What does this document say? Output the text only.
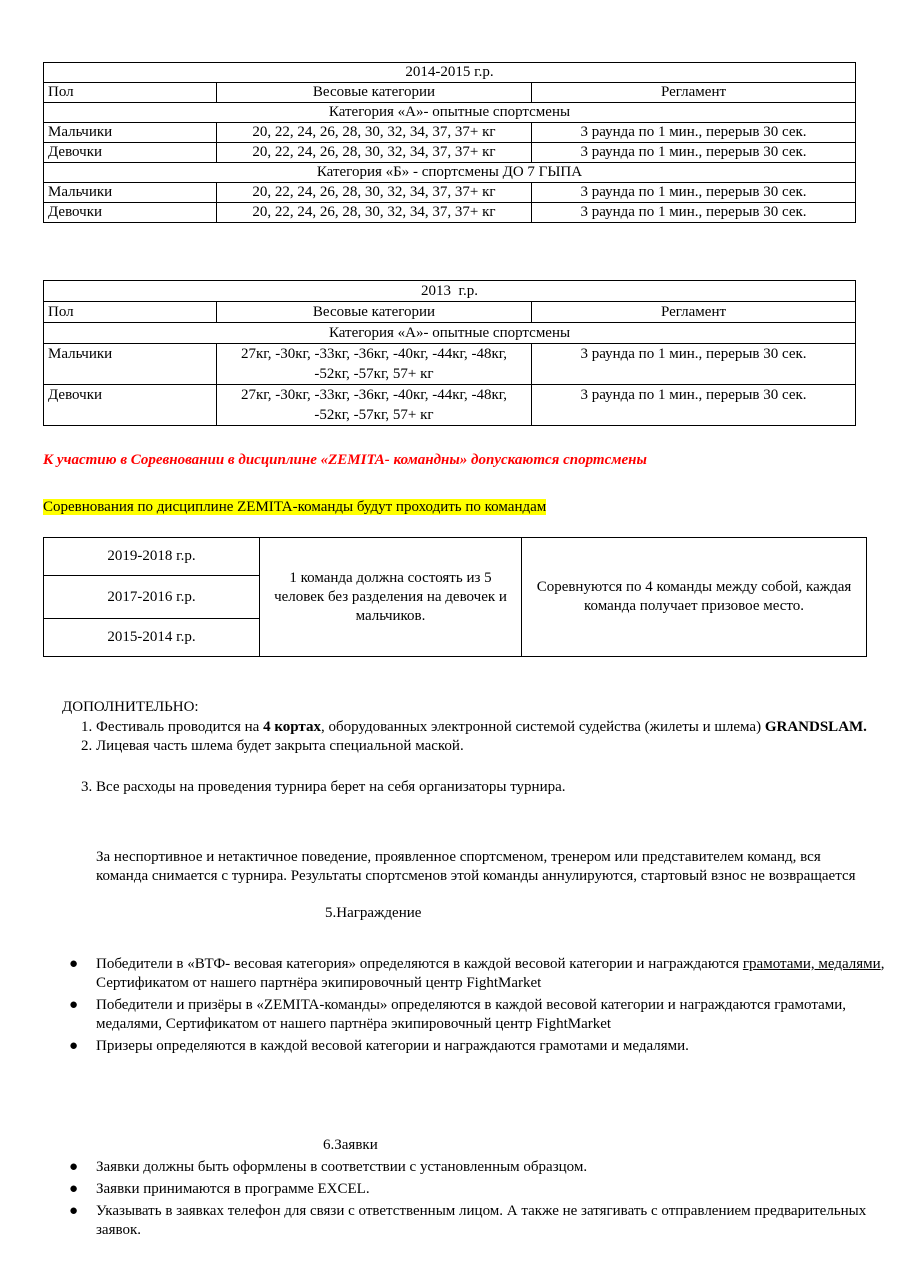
2014-2015 г.р.		
Пол	Весовые категории	Регламент
Категория «А»- опытные спортсмены		
Мальчики	20, 22, 24, 26, 28, 30, 32, 34, 37, 37+ кг	3 раунда по 1 мин., перерыв 30 сек.
Девочки	20, 22, 24, 26, 28, 30, 32, 34, 37, 37+ кг	3 раунда по 1 мин., перерыв 30 сек.
Категория «Б» - спортсмены ДО 7 ГЫПА		
Мальчики	20, 22, 24, 26, 28, 30, 32, 34, 37, 37+ кг	3 раунда по 1 мин., перерыв 30 сек.
Девочки	20, 22, 24, 26, 28, 30, 32, 34, 37, 37+ кг	3 раунда по 1 мин., перерыв 30 сек.
2013  г.р.		
Пол	Весовые категории	Регламент
Категория «А»- опытные спортсмены		
Мальчики	27кг, -30кг, -33кг, -36кг, -40кг, -44кг, -48кг, -52кг, -57кг, 57+ кг	3 раунда по 1 мин., перерыв 30 сек.
Девочки	27кг, -30кг, -33кг, -36кг, -40кг, -44кг, -48кг, -52кг, -57кг, 57+ кг	3 раунда по 1 мин., перерыв 30 сек.
К участию в Соревновании в дисциплине «ZEMITA- командны» допускаются спортсмены
Соревнования по дисциплине ZEMITA-команды будут проходить по командам
2019-2018 г.р.	1 команда должна состоять из 5 человек без разделения на девочек и мальчиков.	Соревнуются по 4 команды между собой, каждая команда получает призовое место.
2017-2016 г.р.
2015-2014 г.р.
ДОПОЛНИТЕЛЬНО:
1. Фестиваль проводится на 4 кортах, оборудованных электронной системой судейства (жилеты и шлема) GRANDSLAM.
2. Лицевая часть шлема будет закрыта специальной маской.
3. Все расходы на проведения турнира берет на себя организаторы турнира.
За неспортивное и нетактичное поведение, проявленное спортсменом, тренером или представителем команд, вся команда снимается с турнира. Результаты спортсменов этой команды аннулируются, стартовый взнос не возвращается
5.Награждение
● Победители в «ВТФ- весовая категория» определяются в каждой весовой категории и награждаются грамотами, медалями, Сертификатом от нашего партнёра экипировочный центр FightMarket
● Победители и призёры в «ZEMITA-команды» определяются в каждой весовой категории и награждаются грамотами, медалями, Сертификатом от нашего партнёра экипировочный центр FightMarket
● Призеры определяются в каждой весовой категории и награждаются грамотами и медалями.
6.Заявки
● Заявки должны быть оформлены в соответствии с установленным образцом.
● Заявки принимаются в программе EXCEL.
● Указывать в заявках телефон для связи с ответственным лицом. А также не затягивать с отправлением предварительных заявок.
